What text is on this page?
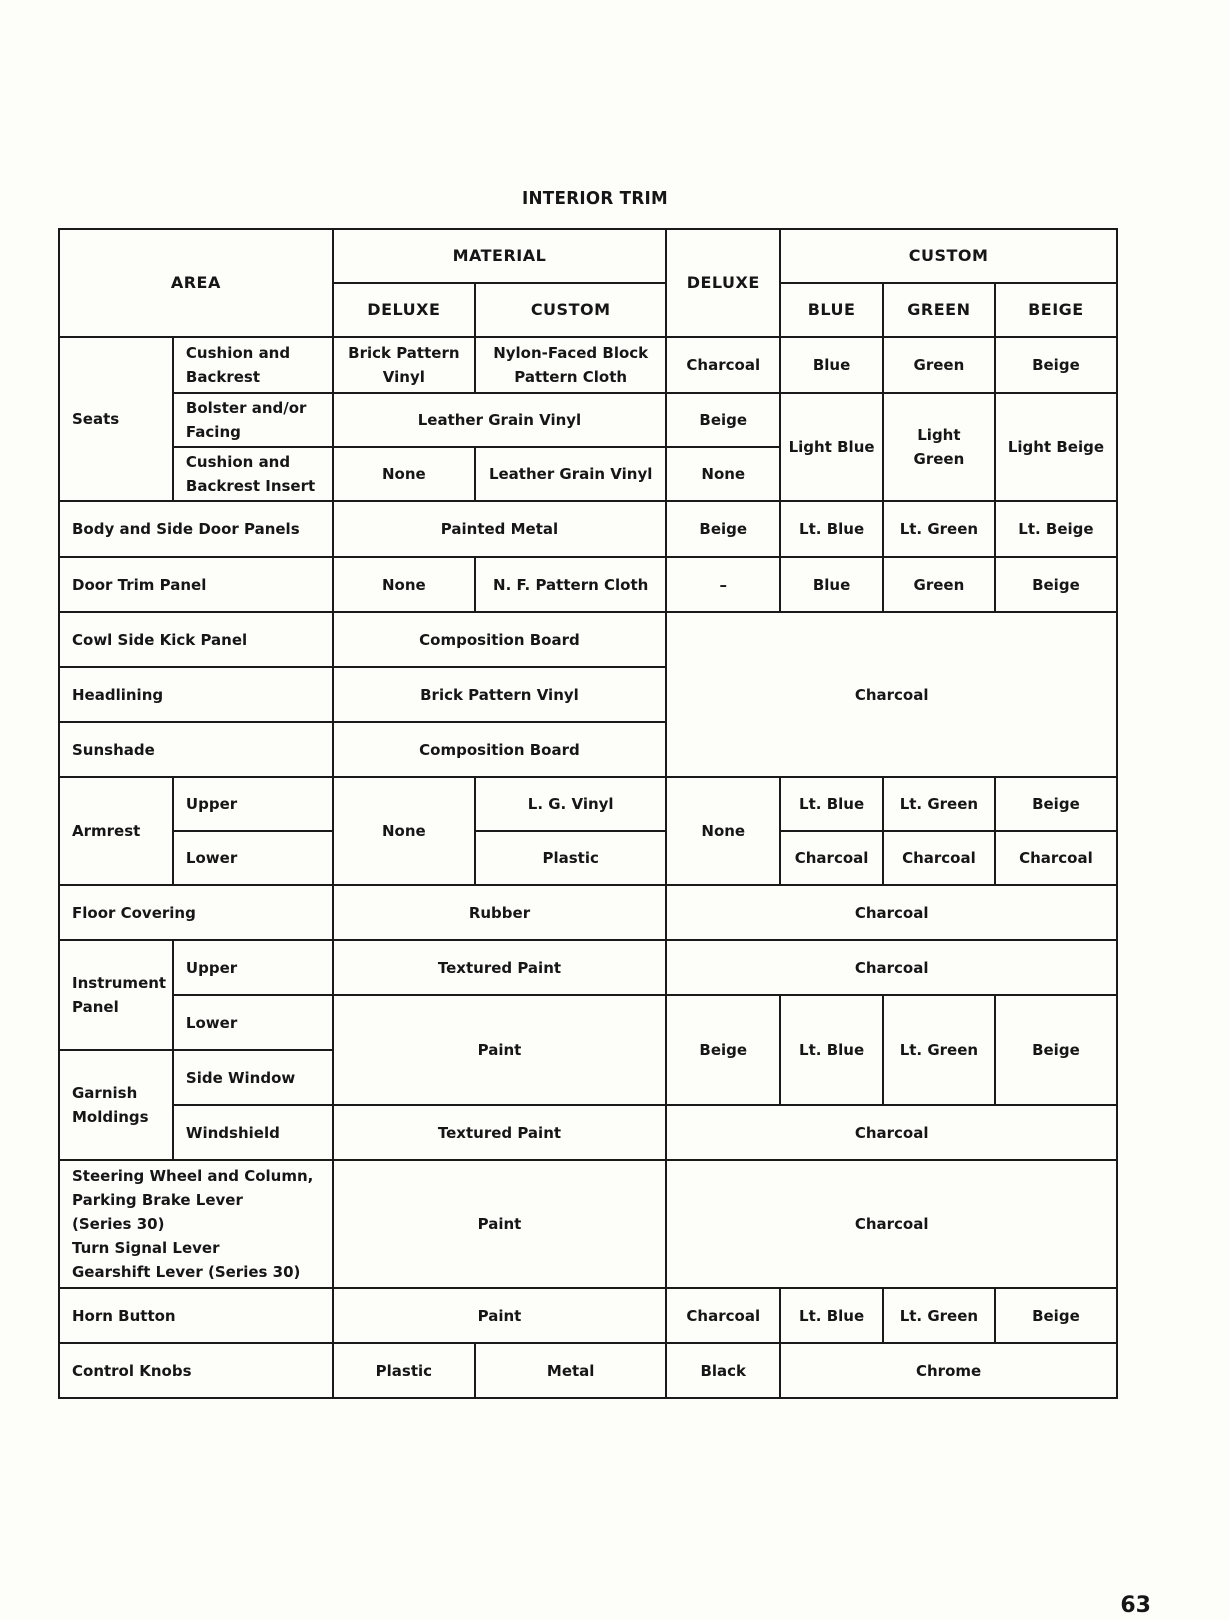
INTERIOR TRIM
AREA		MATERIAL		DELUXE	CUSTOM		
		DELUXE	CUSTOM		BLUE	GREEN	BEIGE
Seats	Cushion and Backrest	Brick Pattern Vinyl	Nylon-Faced Block Pattern Cloth	Charcoal	Blue	Green	Beige
	Bolster and/or Facing	Leather Grain Vinyl		Beige	Light Blue	Light Green	Light Beige
	Cushion and Backrest Insert	None	Leather Grain Vinyl	None			
Body and Side Door Panels		Painted Metal		Beige	Lt. Blue	Lt. Green	Lt. Beige
Door Trim Panel		None	N. F. Pattern Cloth	–	Blue	Green	Beige
Cowl Side Kick Panel		Composition Board		Charcoal			
Headlining		Brick Pattern Vinyl					
Sunshade		Composition Board					
Armrest	Upper	None	L. G. Vinyl	None	Lt. Blue	Lt. Green	Beige
	Lower		Plastic		Charcoal	Charcoal	Charcoal
Floor Covering		Rubber		Charcoal			
Instrument Panel	Upper	Textured Paint		Charcoal			
	Lower	Paint		Beige	Lt. Blue	Lt. Green	Beige
Garnish Moldings	Side Window						
	Windshield	Textured Paint		Charcoal			

Steering Wheel and Column,
Parking Brake Lever
(Series 30)
Turn Signal Lever
Gearshift Lever (Series 30)		Paint		Charcoal			
Horn Button		Paint		Charcoal	Lt. Blue	Lt. Green	Beige
Control Knobs		Plastic	Metal	Black	Chrome		
63
